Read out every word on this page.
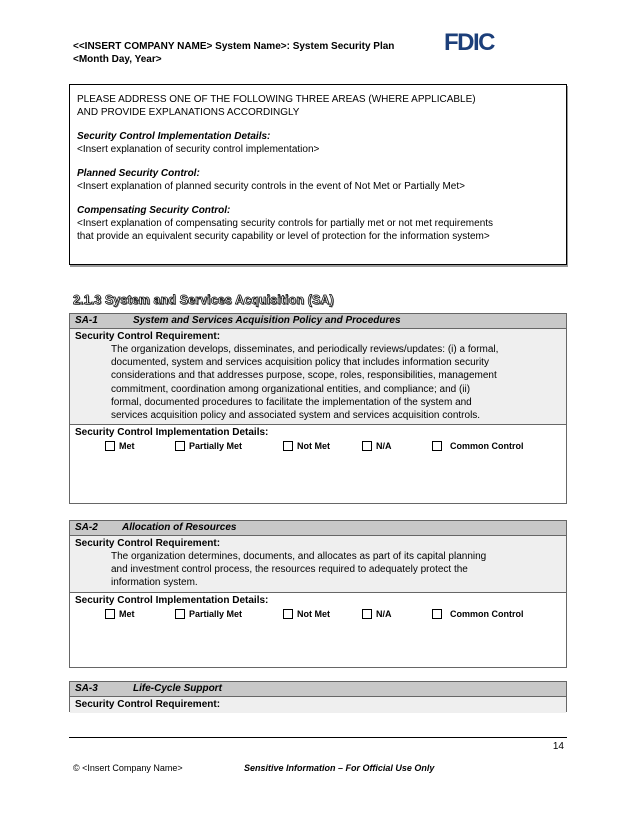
<<INSERT COMPANY NAME> System Name>: System Security Plan
<Month Day, Year>
FDIC

PLEASE ADDRESS ONE OF THE FOLLOWING THREE AREAS (WHERE APPLICABLE)

AND PROVIDE EXPLANATIONS ACCORDINGLY

Security Control Implementation Details:

<Insert explanation of security control implementation>

Planned Security Control:

<Insert explanation of planned security controls in the event of Not Met or Partially Met>

Compensating Security Control:

<Insert explanation of compensating security controls for partially met or not met requirements

that provide an equivalent security capability or level of protection for the information system>

2.1.3 System and Services Acquisition (SA)
SA-1	System and Services Acquisition Policy and Procedures
Security Control Requirement:
The organization develops, disseminates, and periodically reviews/updates: (i) a formal,
documented, system and services acquisition policy that includes information security
considerations and that addresses purpose, scope, roles, responsibilities, management
commitment, coordination among organizational entities, and compliance; and (ii)
formal, documented procedures to facilitate the implementation of the system and
services acquisition policy and associated system and services acquisition controls.
Security Control Implementation Details:
Met	Partially Met	Not Met	N/A	Common Control
SA-2 Allocation of Resources
Security Control Requirement:
The organization determines, documents, and allocates as part of its capital planning
and investment control process, the resources required to adequately protect the
information system.
Security Control Implementation Details:
Met	Partially Met	Not Met	N/A	Common Control
SA-3	Life-Cycle Support
Security Control Requirement:
14
© <Insert Company Name>	Sensitive Information – For Official Use Only
